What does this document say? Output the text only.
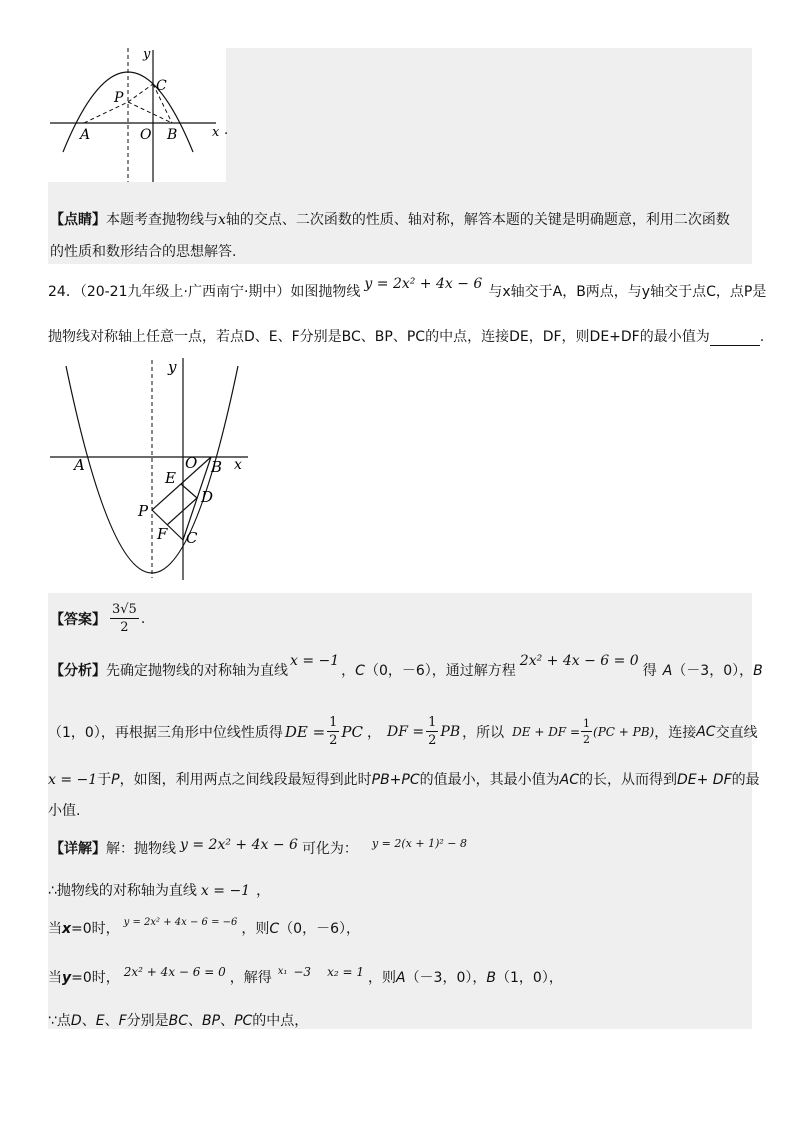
y
C
P
A	O B	x .
【点睛】本题考查抛物线与x轴的交点、二次函数的性质、轴对称，解答本题的关键是明确题意，利用二次函数
的性质和数形结合的思想解答.
24．（20-21九年级上·广西南宁·期中）如图抛物线 y = 2x² + 4x − 6 与x轴交于A，B两点，与y轴交于点C，点P是
抛物线对称轴上任意一点，若点D、E、F分别是BC、BP、PC的中点，连接DE，DF，则DE+DF的最小值为	.
y
A	O B x
E
D
P
F C
【答案】 $\frac{3√5}{2}$ .
【分析】先确定抛物线的对称轴为直线x = −1，C（0，－6），通过解方程2x² + 4x − 6 = 0得 A（－3，0），B
（1，0），再根据三角形中位线性质得 DE = $\frac{1}{2}$ PC ， DF = $\frac{1}{2}$ PB ，所以 DE + DF = $\frac{1}{2} (PC + PB)$ ，连接 AC 交直线
x = −1于P，如图，利用两点之间线段最短得到此时PB+PC的值最小，其最小值为AC的长，从而得到DE+ DF的最
小值.
【详解】解：抛物线 y = 2x² + 4x − 6 可化为： $^{y = 2(x + 1)^2 - 8}$
∴抛物线的对称轴为直线 x = −1 ，
当x=0时， $^{y = 2x^2 + 4x - 6 = -6}$ ，则C（0，－6），
当y=0时， 2x² + 4x − 6 = 0 ，解得 $^{x_1}$ −3 x₂ = 1 ，则A（－3，0），B（1，0），
∵点D、E、F分别是BC、BP、PC的中点，
